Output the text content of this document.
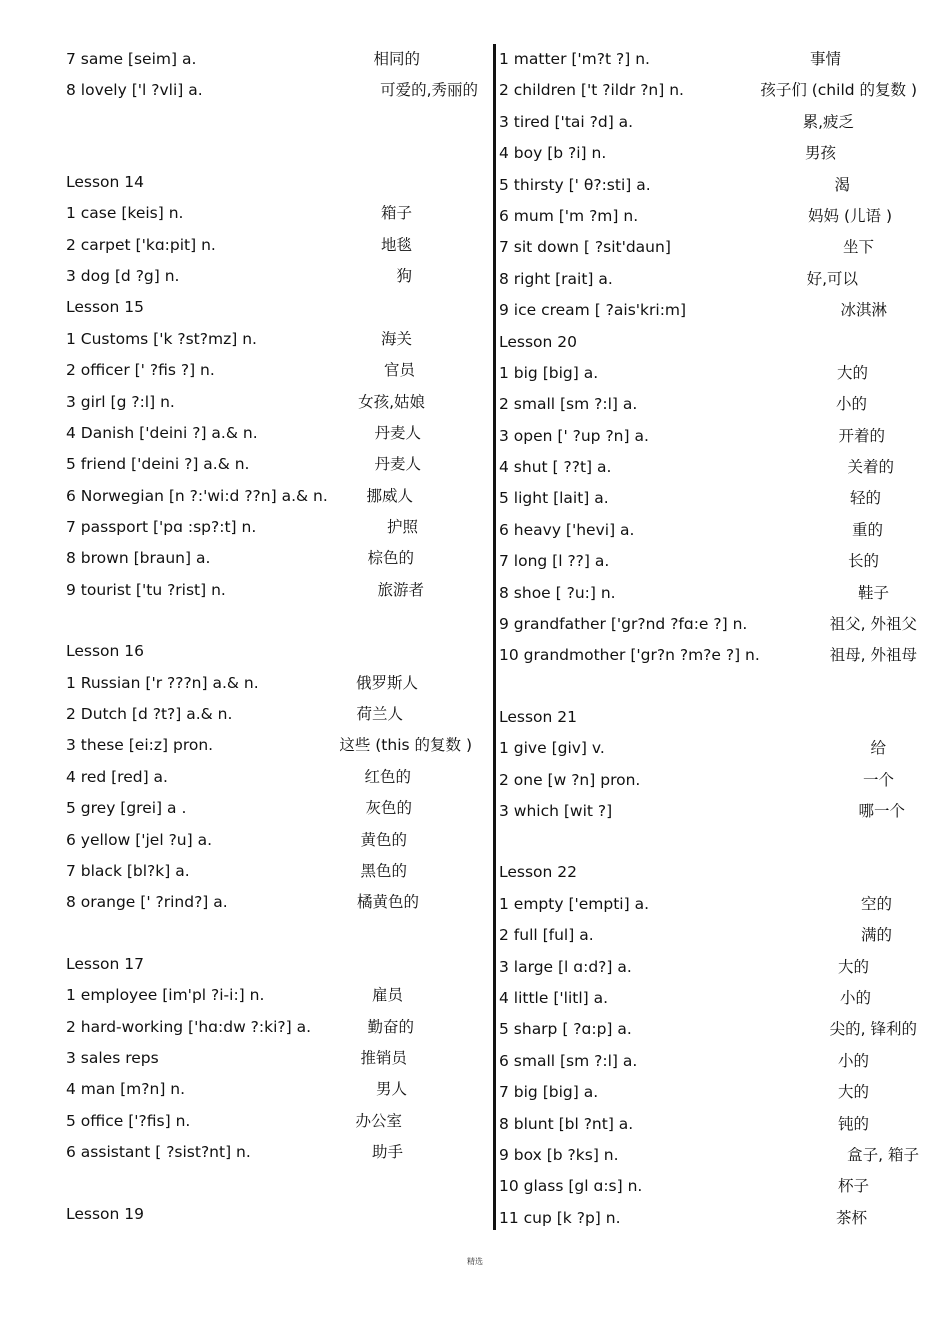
7 same [seim] a.	相同的
8 lovely ['l ?vli] a.	可爱的,秀丽的
Lesson 14
1 case [keis] n.	箱子
2 carpet ['kɑ:pit] n.	地毯
3 dog [d ?g] n.	狗
Lesson 15
1 Customs ['k ?st?mz] n.	海关
2 officer [' ?fis ?] n.	官员
3 girl [g ?:l] n.	女孩,姑娘
4 Danish ['deini ?] a.& n.	丹麦人
5 friend ['deini ?] a.& n.	丹麦人
6 Norwegian [n ?:'wi:d ??n] a.& n. 挪威人
7 passport ['pɑ :sp?:t] n.	护照
8 brown [braun] a.	棕色的
9 tourist ['tu ?rist] n.	旅游者
Lesson 16
1 Russian ['r ???n] a.& n.	俄罗斯人
2 Dutch [d ?t?] a.& n.	荷兰人
3 these [ei:z] pron.	这些 (this 的复数 )
4 red [red] a.	红色的
5 grey [grei] a .	灰色的
6 yellow ['jel ?u] a.	黄色的
7 black [bl?k] a.	黑色的
8 orange [' ?rind?] a.	橘黄色的
Lesson 17
1 employee [im'pl ?i-i:] n.	雇员
2 hard-working ['hɑ:dw ?:ki?] a.	勤奋的
3 sales reps	推销员
4 man [m?n] n.	男人
5 office ['?fis] n.	办公室
6 assistant [ ?sist?nt] n.	助手
Lesson 19
1 matter ['m?t ?] n.	事情
2 children ['t ?ildr ?n] n.	孩子们 (child 的复数 )
3 tired ['tai ?d] a.	累,疲乏
4 boy [b ?i] n.	男孩
5 thirsty [' θ?:sti] a.	渴
6 mum ['m ?m] n.	妈妈 (儿语 )
7 sit down [ ?sit'daun]	坐下
8 right [rait] a.	好,可以
9 ice cream [ ?ais'kri:m]	冰淇淋
Lesson 20
1 big [big] a.	大的
2 small [sm ?:l] a.	小的
3 open [' ?up ?n] a.	开着的
4 shut [ ??t] a.	关着的
5 light [lait] a.	轻的
6 heavy ['hevi] a.	重的
7 long [l ??] a.	长的
8 shoe [ ?u:] n.	鞋子
9 grandfather ['gr?nd ?fɑ:e ?] n.	祖父, 外祖父
10 grandmother ['gr?n ?m?e ?] n.	祖母, 外祖母
Lesson 21
1 give [giv] v.	给
2 one [w ?n] pron.	一个
3 which [wit ?]	哪一个
Lesson 22
1 empty ['empti] a.	空的
2 full [ful] a.	满的
3 large [l ɑ:d?] a.	大的
4 little ['litl] a.	小的
5 sharp [ ?ɑ:p] a.	尖的, 锋利的
6 small [sm ?:l] a.	小的
7 big [big] a.	大的
8 blunt [bl ?nt] a.	钝的
9 box [b ?ks] n.	盒子, 箱子
10 glass [gl ɑ:s] n.	杯子
11 cup [k ?p] n.	茶杯
精选
